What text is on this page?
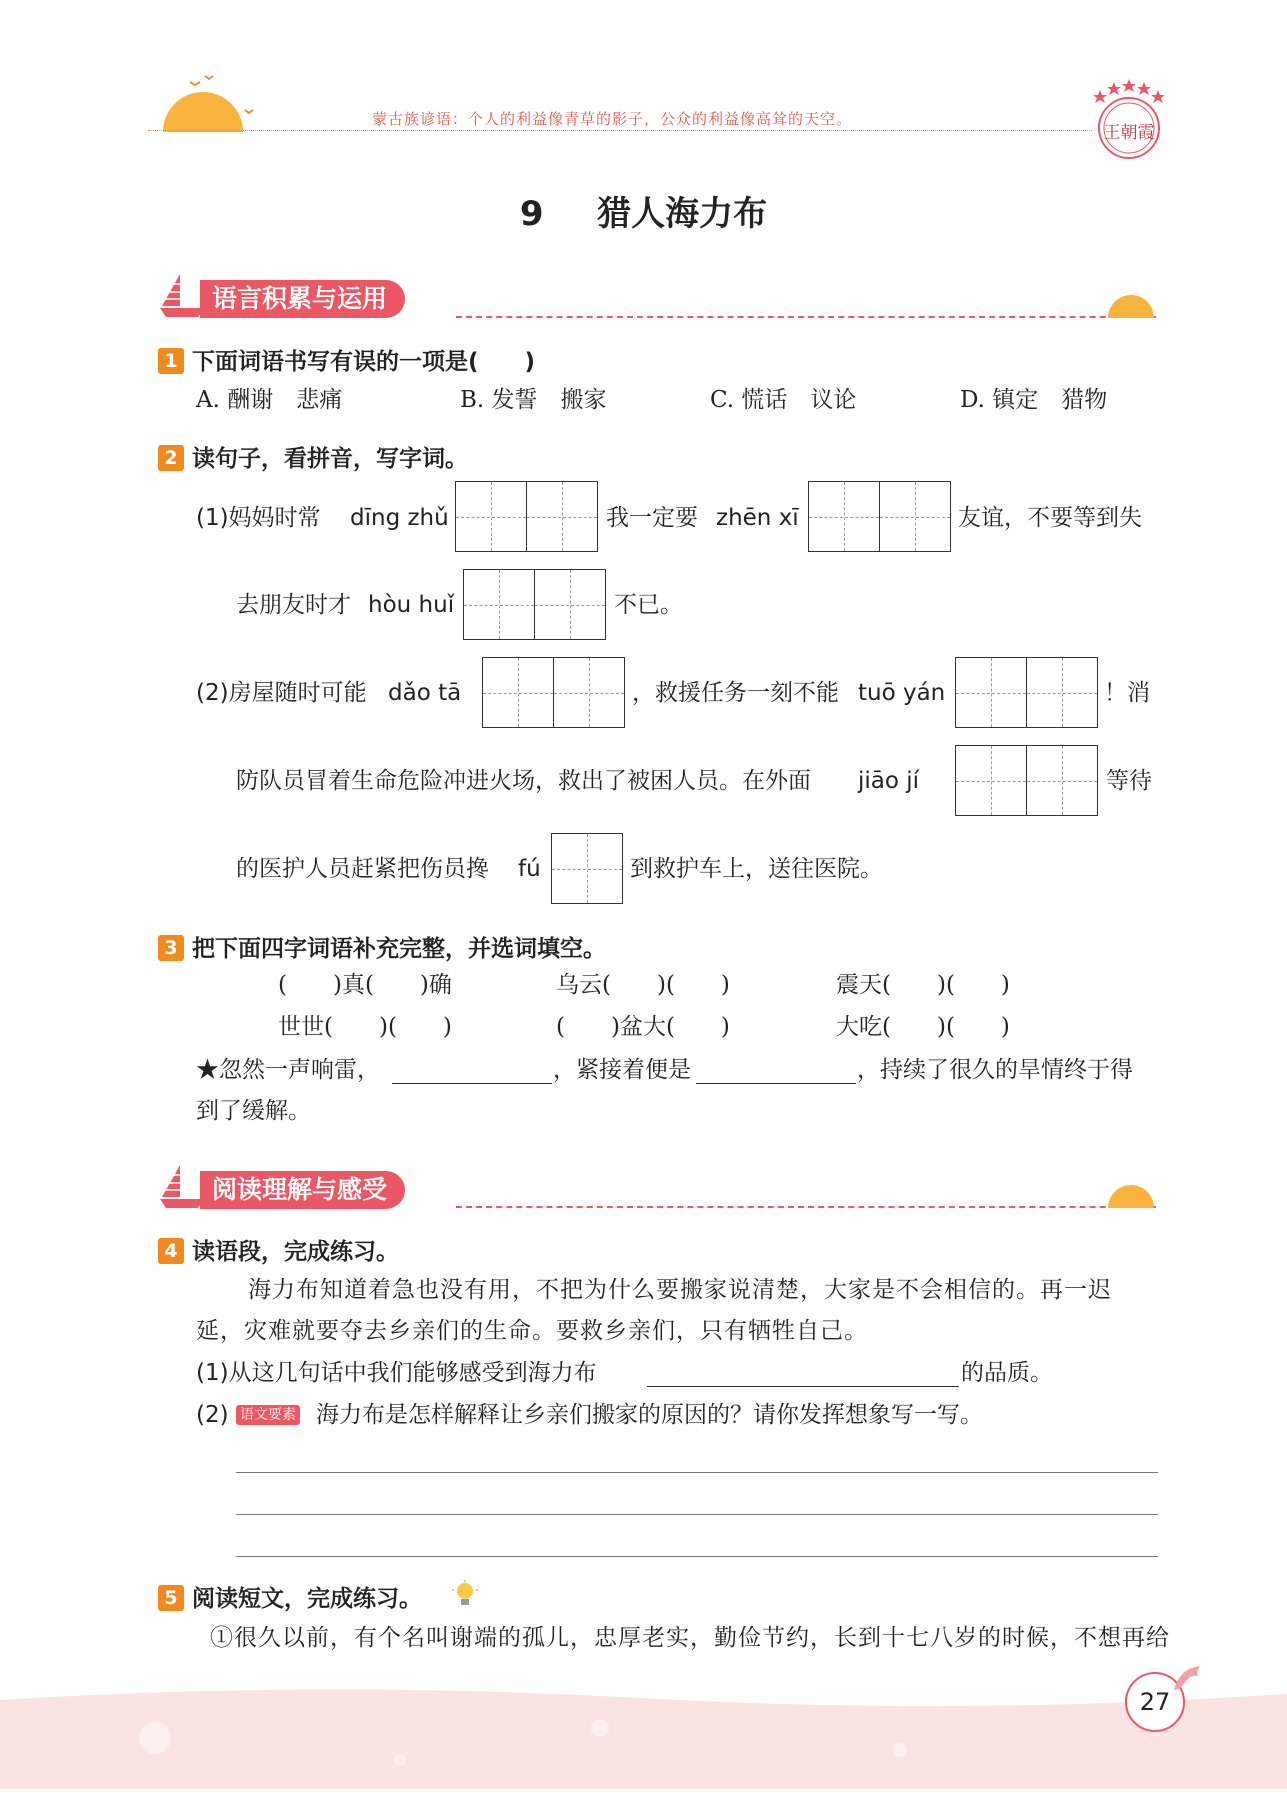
蒙古族谚语：个人的利益像青草的影子，公众的利益像高耸的天空。
王朝霞
9 猎人海力布
语言积累与运用
1 下面词语书写有误的一项是(　　)
A. 酬谢　悲痛	B. 发誓　搬家	C. 慌话　议论	D. 镇定　猎物
2 读句子，看拼音，写字词。
(1)妈妈时常 dīng zhǔ	我一定要 zhēn xī	友谊，不要等到失
去朋友时才 hòu huǐ	不已。
(2)房屋随时可能 dǎo tā	，救援任务一刻不能 tuō yán	！消
防队员冒着生命危险冲进火场，救出了被困人员。在外面 jiāo jí	等待
的医护人员赶紧把伤员搀 fú	到救护车上，送往医院。
3 把下面四字词语补充完整，并选词填空。
(　　)真(　　)确	乌云(　　)(　　)	震天(　　)(　　)
世世(　　)(　　)	(　　)盆大(　　)	大吃(　　)(　　)
★忽然一声响雷，	，紧接着便是	，持续了很久的旱情终于得
到了缓解。
阅读理解与感受
4 读语段，完成练习。
海力布知道着急也没有用，不把为什么要搬家说清楚，大家是不会相信的。再一迟
延，灾难就要夺去乡亲们的生命。要救乡亲们，只有牺牲自己。
(1)从这几句话中我们能够感受到海力布	的品质。
(2) 语文要素 海力布是怎样解释让乡亲们搬家的原因的？请你发挥想象写一写。
5 阅读短文，完成练习。
①很久以前，有个名叫谢端的孤儿，忠厚老实，勤俭节约，长到十七八岁的时候，不想再给
27
